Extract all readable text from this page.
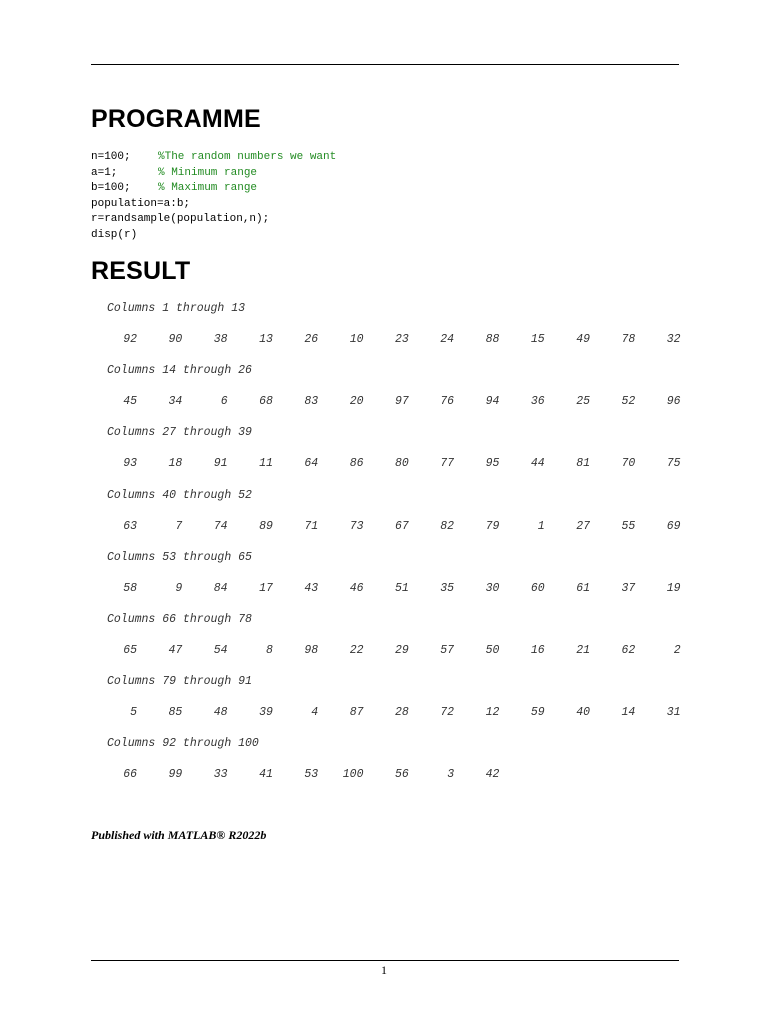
PROGRAMME
n=100; %The random numbers we want
a=1;	% Minimum range
b=100; % Maximum range
population=a:b;
r=randsample(population,n);
disp(r)
RESULT
Columns 1 through 13
92	90	38	13	26	10	23	24	88	15	49	78	32
Columns 14 through 26
45	34	6	68	83	20	97	76	94	36	25	52	96
Columns 27 through 39
93	18	91	11	64	86	80	77	95	44	81	70	75
Columns 40 through 52
63	7	74	89	71	73	67	82	79	1	27	55	69
Columns 53 through 65
58	9	84	17	43	46	51	35	30	60	61	37	19
Columns 66 through 78
65	47	54	8	98	22	29	57	50	16	21	62	2
Columns 79 through 91
5	85	48	39	4	87	28	72	12	59	40	14	31
Columns 92 through 100
66	99	33	41	53	100	56	3	42

Published with MATLAB® R2022b

1
